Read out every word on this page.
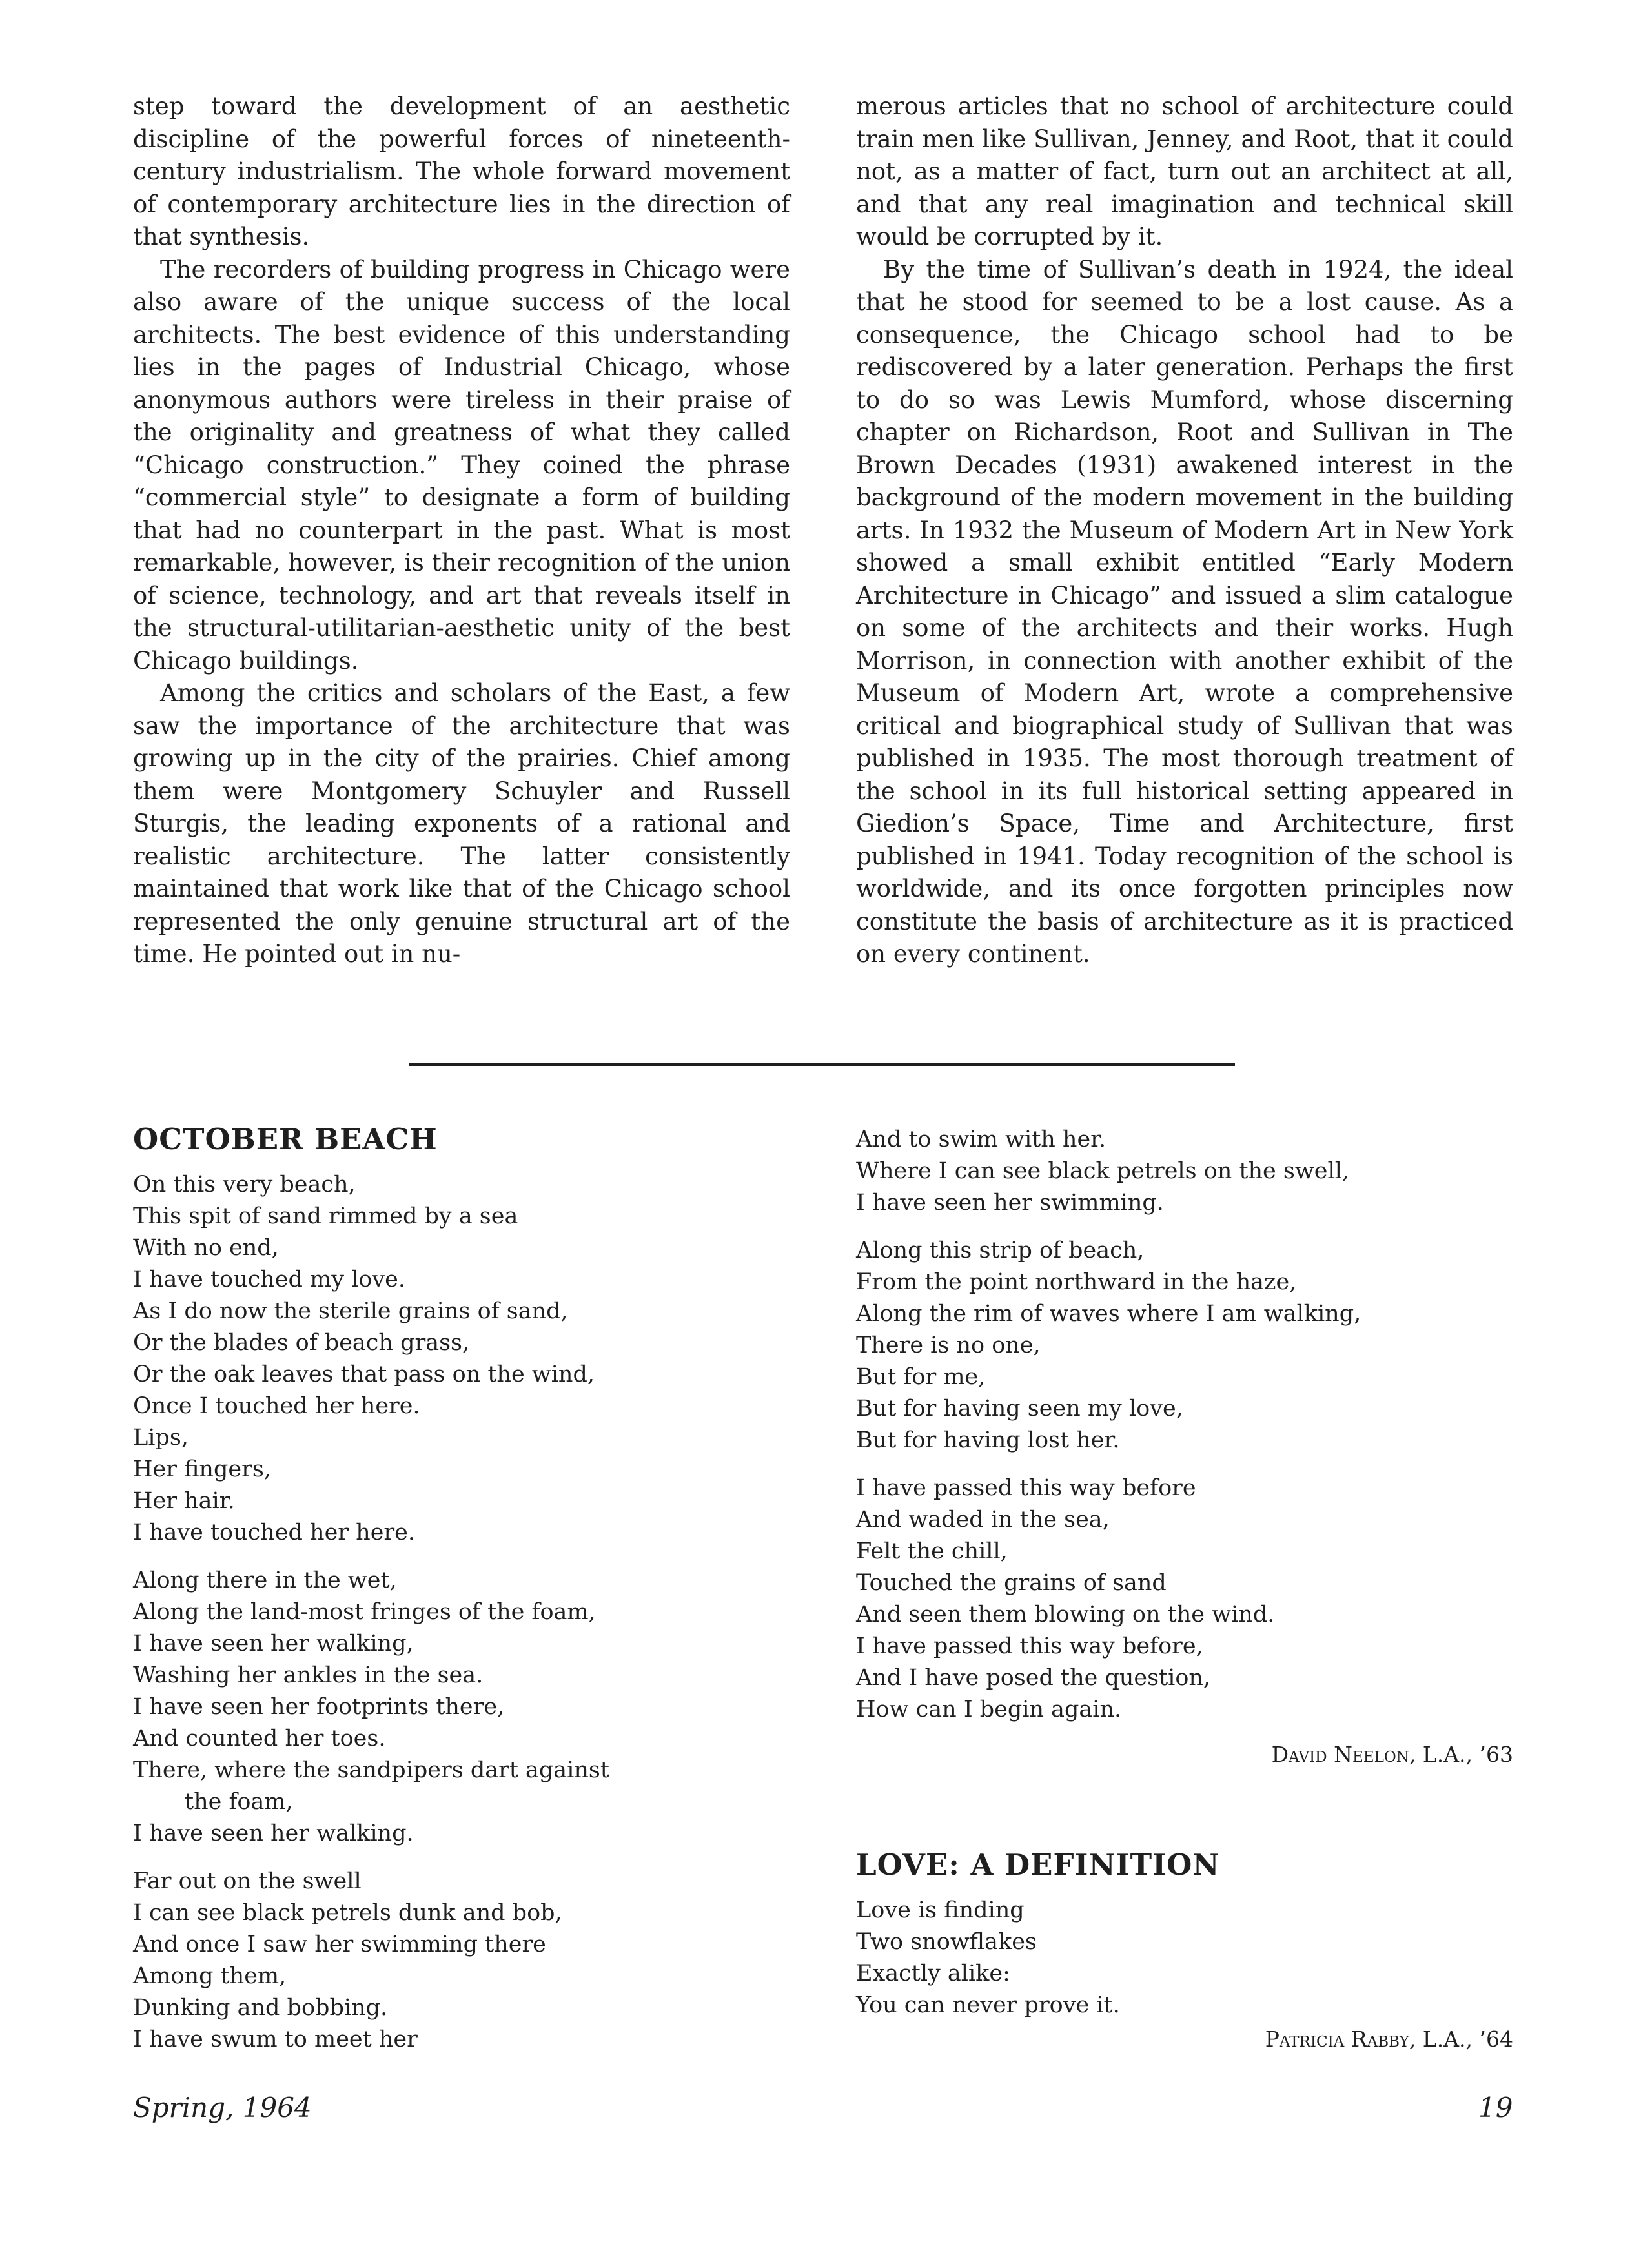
step toward the development of an aesthetic discipline of the powerful forces of nineteenth-century industrialism. The whole forward movement of contemporary architecture lies in the direction of that synthesis.

The recorders of building progress in Chicago were also aware of the unique success of the local architects. The best evidence of this understanding lies in the pages of Industrial Chicago, whose anonymous authors were tireless in their praise of the originality and greatness of what they called “Chicago construction.” They coined the phrase “commercial style” to designate a form of building that had no counterpart in the past. What is most remarkable, however, is their recognition of the union of science, technology, and art that reveals itself in the structural-utilitarian-aesthetic unity of the best Chicago buildings.

Among the critics and scholars of the East, a few saw the importance of the architecture that was growing up in the city of the prairies. Chief among them were Montgomery Schuyler and Russell Sturgis, the leading exponents of a rational and realistic architecture. The latter consistently maintained that work like that of the Chicago school represented the only genuine structural art of the time. He pointed out in nu-

merous articles that no school of architecture could train men like Sullivan, Jenney, and Root, that it could not, as a matter of fact, turn out an architect at all, and that any real imagination and technical skill would be corrupted by it.

By the time of Sullivan’s death in 1924, the ideal that he stood for seemed to be a lost cause. As a consequence, the Chicago school had to be rediscovered by a later generation. Perhaps the first to do so was Lewis Mumford, whose discerning chapter on Richardson, Root and Sullivan in The Brown Decades (1931) awakened interest in the background of the modern movement in the building arts. In 1932 the Museum of Modern Art in New York showed a small exhibit entitled “Early Modern Architecture in Chicago” and issued a slim catalogue on some of the architects and their works. Hugh Morrison, in connection with another exhibit of the Museum of Modern Art, wrote a comprehensive critical and biographical study of Sullivan that was published in 1935. The most thorough treatment of the school in its full historical setting appeared in Giedion’s Space, Time and Architecture, first published in 1941. Today recognition of the school is worldwide, and its once forgotten principles now constitute the basis of architecture as it is practiced on every continent.

OCTOBER BEACH
On this very beach,
This spit of sand rimmed by a sea
With no end,
I have touched my love.
As I do now the sterile grains of sand,
Or the blades of beach grass,
Or the oak leaves that pass on the wind,
Once I touched her here.
Lips,
Her fingers,
Her hair.
I have touched her here.
Along there in the wet,
Along the land-most fringes of the foam,
I have seen her walking,
Washing her ankles in the sea.
I have seen her footprints there,
And counted her toes.
There, where the sandpipers dart against
the foam,
I have seen her walking.
Far out on the swell
I can see black petrels dunk and bob,
And once I saw her swimming there
Among them,
Dunking and bobbing.
I have swum to meet her
And to swim with her.
Where I can see black petrels on the swell,
I have seen her swimming.
Along this strip of beach,
From the point northward in the haze,
Along the rim of waves where I am walking,
There is no one,
But for me,
But for having seen my love,
But for having lost her.
I have passed this way before
And waded in the sea,
Felt the chill,
Touched the grains of sand
And seen them blowing on the wind.
I have passed this way before,
And I have posed the question,
How can I begin again.
David Neelon, L.A., ’63
LOVE: A DEFINITION
Love is finding
Two snowflakes
Exactly alike:
You can never prove it.
Patricia Rabby, L.A., ’64
Spring, 1964	19
